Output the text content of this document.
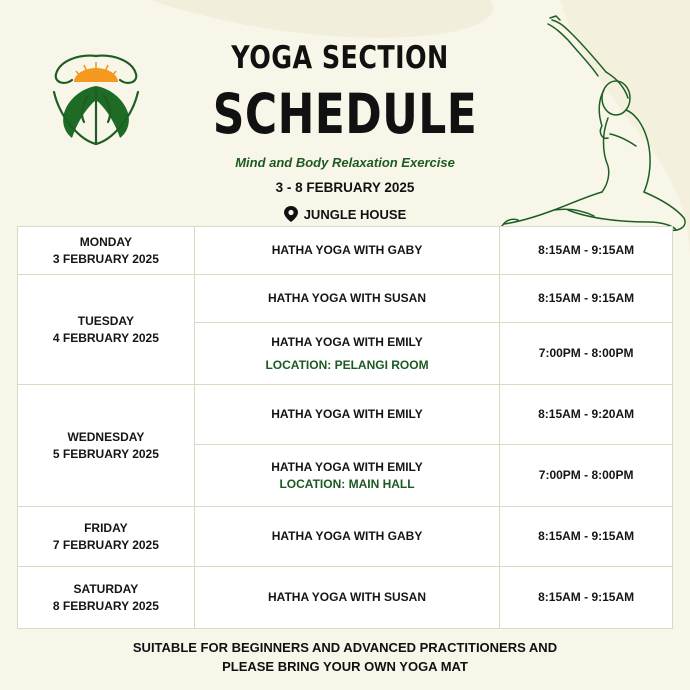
YOGA SECTION
SCHEDULE
Mind and Body Relaxation Exercise
3 - 8 FEBRUARY 2025
JUNGLE HOUSE
MONDAY
3 FEBRUARY 2025	HATHA YOGA WITH GABY	8:15AM - 9:15AM

TUESDAY
4 FEBRUARY 2025	HATHA YOGA WITH SUSAN	8:15AM - 9:15AM

	HATHA YOGA WITH EMILY
LOCATION: PELANGI ROOM	7:00PM - 8:00PM

WEDNESDAY
5 FEBRUARY 2025	HATHA YOGA WITH EMILY	8:15AM - 9:20AM

	HATHA YOGA WITH EMILY
LOCATION: MAIN HALL	7:00PM - 8:00PM

FRIDAY
7 FEBRUARY 2025	HATHA YOGA WITH GABY	8:15AM - 9:15AM

SATURDAY
8 FEBRUARY 2025	HATHA YOGA WITH SUSAN	8:15AM - 9:15AM
SUITABLE FOR BEGINNERS AND ADVANCED PRACTITIONERS AND
PLEASE BRING YOUR OWN YOGA MAT
